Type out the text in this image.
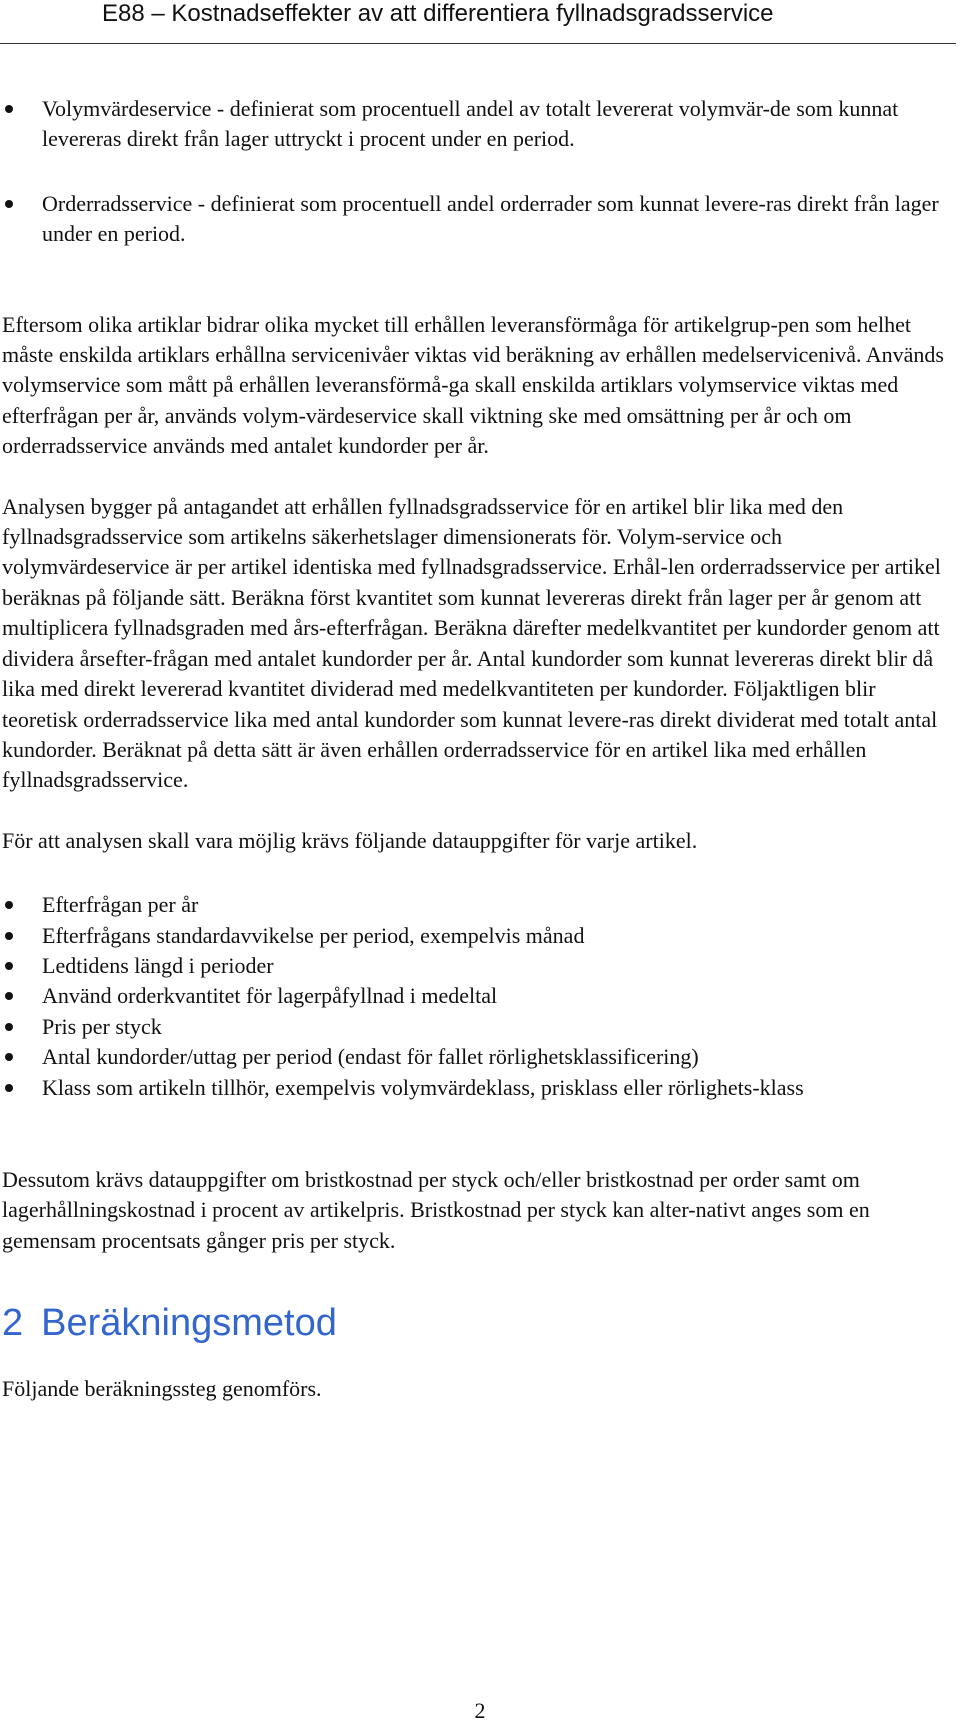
E88 – Kostnadseffekter av att differentiera fyllnadsgradsservice
Volymvärdeservice - definierat som procentuell andel av totalt levererat volymvär-de som kunnat levereras direkt från lager uttryckt i procent under en period.
Orderradsservice - definierat som procentuell andel orderrader som kunnat levere-ras direkt från lager under en period.

Eftersom olika artiklar bidrar olika mycket till erhållen leveransförmåga för artikelgrup-pen som helhet måste enskilda artiklars erhållna servicenivåer viktas vid beräkning av erhållen medelservicenivå. Används volymservice som mått på erhållen leveransförmå-ga skall enskilda artiklars volymservice viktas med efterfrågan per år, används volym-värdeservice skall viktning ske med omsättning per år och om orderradsservice används med antalet kundorder per år.

Analysen bygger på antagandet att erhållen fyllnadsgradsservice för en artikel blir lika med den fyllnadsgradsservice som artikelns säkerhetslager dimensionerats för. Volym-service och volymvärdeservice är per artikel identiska med fyllnadsgradsservice. Erhål-len orderradsservice per artikel beräknas på följande sätt. Beräkna först kvantitet som kunnat levereras direkt från lager per år genom att multiplicera fyllnadsgraden med års-efterfrågan. Beräkna därefter medelkvantitet per kundorder genom att dividera årsefter-frågan med antalet kundorder per år. Antal kundorder som kunnat levereras direkt blir då lika med direkt levererad kvantitet dividerad med medelkvantiteten per kundorder. Följaktligen blir teoretisk orderradsservice lika med antal kundorder som kunnat levere-ras direkt dividerat med totalt antal kundorder. Beräknat på detta sätt är även erhållen orderradsservice för en artikel lika med erhållen fyllnadsgradsservice.

För att analysen skall vara möjlig krävs följande datauppgifter för varje artikel.

Efterfrågan per år
Efterfrågans standardavvikelse per period, exempelvis månad
Ledtidens längd i perioder
Använd orderkvantitet för lagerpåfyllnad i medeltal
Pris per styck
Antal kundorder/uttag per period (endast för fallet rörlighetsklassificering)
Klass som artikeln tillhör, exempelvis volymvärdeklass, prisklass eller rörlighets-klass

Dessutom krävs datauppgifter om bristkostnad per styck och/eller bristkostnad per order samt om lagerhållningskostnad i procent av artikelpris. Bristkostnad per styck kan alter-nativt anges som en gemensam procentsats gånger pris per styck.

2 Beräkningsmetod

Följande beräkningssteg genomförs.

2
